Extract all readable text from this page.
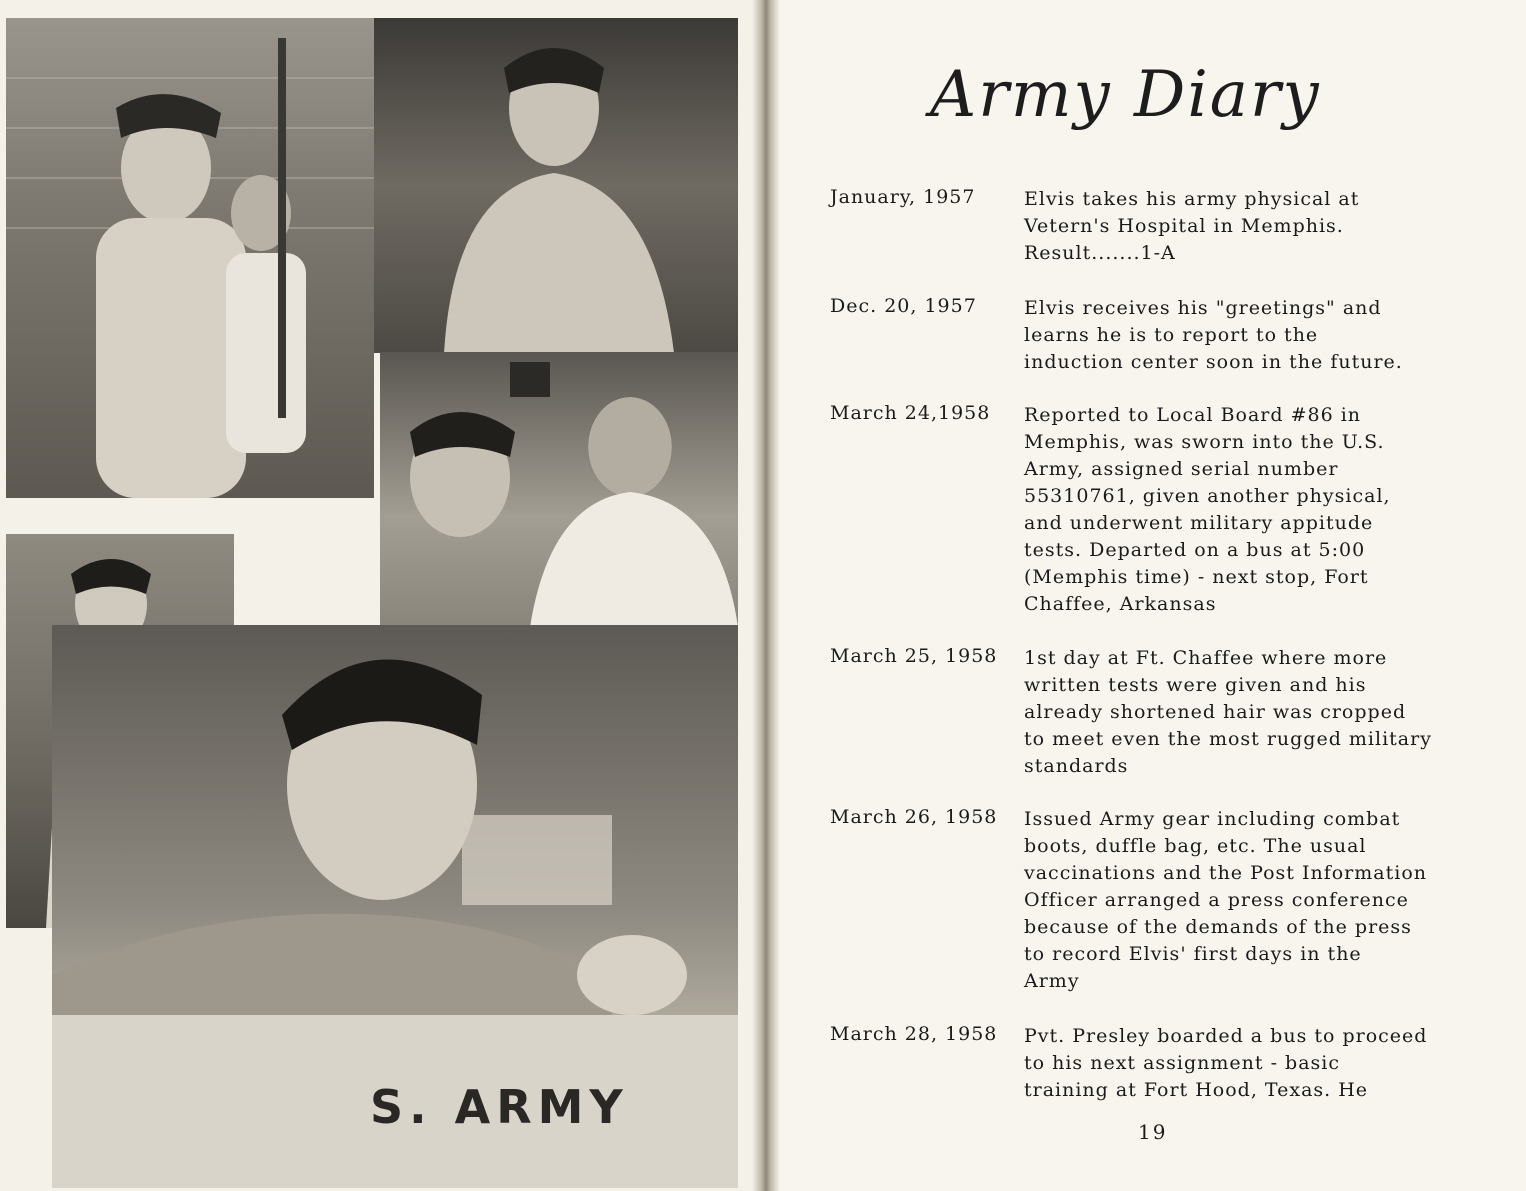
S. ARMY
Army Diary
January, 1957	Elvis takes his army physical at
Vetern's Hospital in Memphis.
Result.......1-A
Dec. 20, 1957	Elvis receives his "greetings" and
learns he is to report to the
induction center soon in the future.
March 24,1958	Reported to Local Board #86 in
Memphis, was sworn into the U.S.
Army, assigned serial number
55310761, given another physical,
and underwent military appitude
tests. Departed on a bus at 5:00
(Memphis time) - next stop, Fort
Chaffee, Arkansas
March 25, 1958	1st day at Ft. Chaffee where more
written tests were given and his
already shortened hair was cropped
to meet even the most rugged military
standards
March 26, 1958	Issued Army gear including combat
boots, duffle bag, etc. The usual
vaccinations and the Post Information
Officer arranged a press conference
because of the demands of the press
to record Elvis' first days in the
Army
March 28, 1958	Pvt. Presley boarded a bus to proceed
to his next assignment - basic
training at Fort Hood, Texas. He
19
